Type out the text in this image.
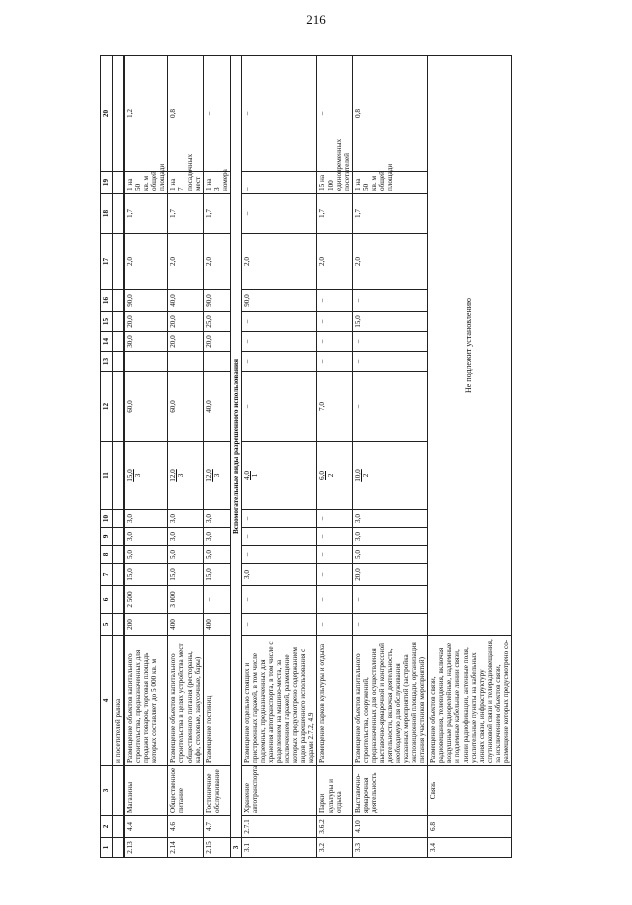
216
1	2	3	4	5	6	7	8	9	10	11	12	13	14	15	16	17	18	19	20
			и посетителей рынка																
2.13	4.4	Магазины	Размещение объектов капитального строительства, предназначенных для продажи товаров, торговая площадь которых составляет до 5 000 кв. м	200	2 500	15,0	5,0	3,0	3,0	15,0 3	60,0		30,0	20,0	90,0	2,0	1,7	1 на 50 кв. м общей площади	1,2
2.14	4.6	Общественное питание	Размещение объектов капитального строительства в целях устройства мест общественного питания (рестораны, кафе, столовые, закусочные, бары)	400	3 000	15,0	5,0	3,0	3,0	12,0 3	60,0		20,0	20,0	40,0	2,0	1,7	1 на 7 посадочных мест	0,8
2.15	4.7	Гостиничное обслуживание	Размещение гостиниц	400	–	15,0	5,0	3,0	3,0	12,0 3	40,0		20,0	25,0	90,0	2,0	1,7	1 на 3 номера	–
3	Вспомогательные виды разрешенного использования																		
3.1	2.7.1	Хранение автотранспорта	Размещение отдельно стоящих и пристроенных гаражей, в том числе подземных, предназначенных для хранения автотранспорта, в том числе с разделением на машино-места, за исключением гаражей, размещение которых предусмотрено содержанием видов разрешенного использования с кодами 2.7.2, 4.9	–	–	3,0	–	–	–	4,0 1	–	–	–	–	90,0	2,0	–	–	–
3.2	3.6.2	Парки культуры и отдыха	Размещение парков культуры и отдыха	–	–	–	–	–	–	6,0 2	7,0	–	–	–	–	2,0	1,7	15 на 100 единовременных посетителей	–
3.3	4.10	Выставочно-ярмарочная деятельность	Размещение объектов капитального строительства, сооружений, предназначенных для осуществления выставочно-ярмарочной и конгрессной деятельности, включая деятельность, необходимую для обслуживания указанных мероприятий (застройка экспозиционной площади, организация питания участников мероприятий)	–	–	20,0	5,0	3,0	3,0	10,0 2	–	–	–	15,0	–	2,0	1,7	1 на 50 кв. м общей площади	0,8
3.4	6.8	Связь	Размещение объектов связи, радиовещания, телевидения, включая воздушные радиорелейные, надземные и подземные кабельные линии связи, линии радиофикации, антенные поля, усилительные пункты на кабельных линиях связи, инфраструктуру спутниковой связи и телерадиовещания, за исключением объектов связи, размещение которых предусмотрено со-	Не подлежит установлению															
